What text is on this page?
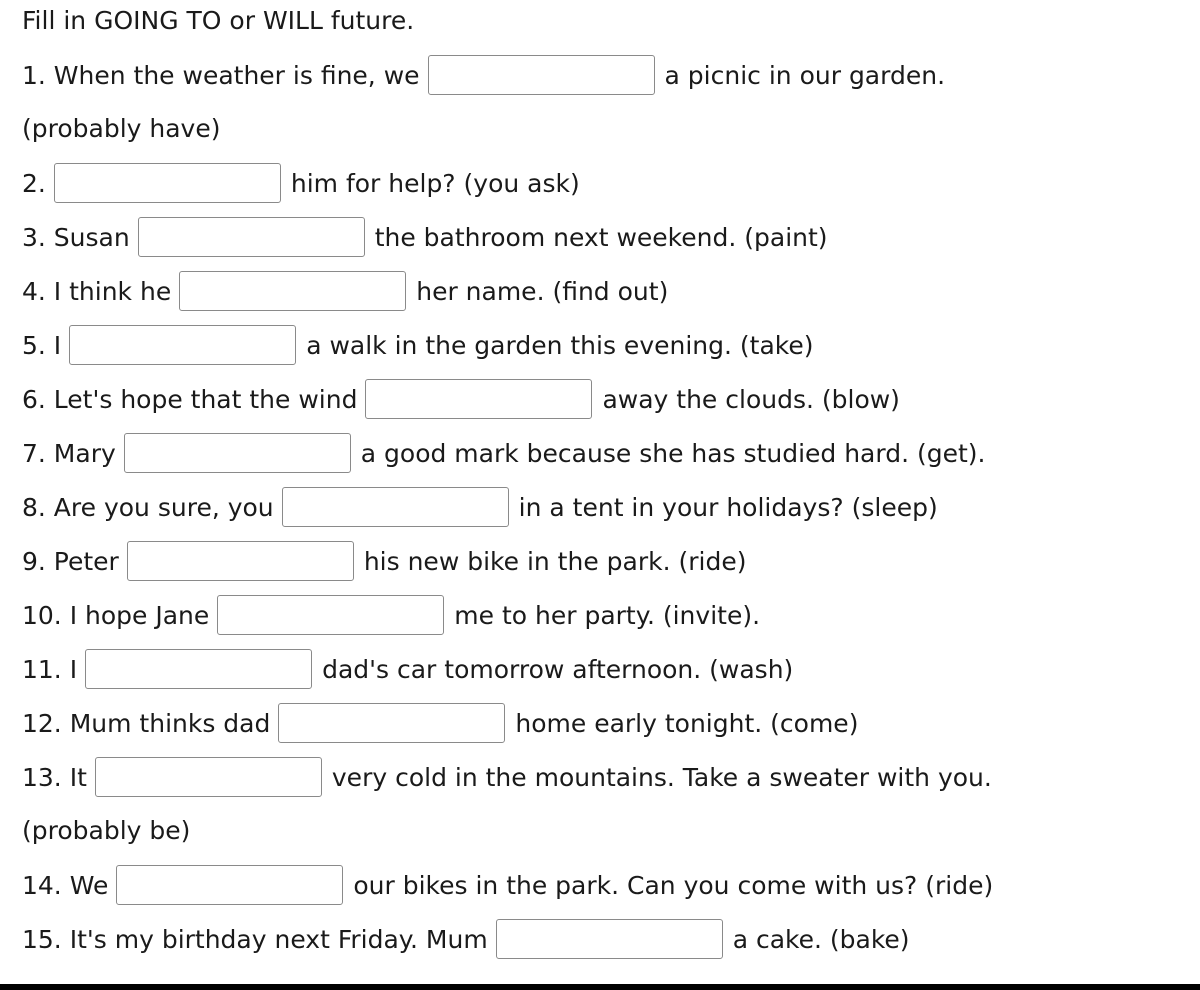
Fill in GOING TO or WILL future.
1. When the weather is fine, we	a picnic in our garden.
(probably have)
2.	him for help? (you ask)
3. Susan	the bathroom next weekend. (paint)
4. I think he	her name. (find out)
5. I	a walk in the garden this evening. (take)
6. Let's hope that the wind	away the clouds. (blow)
7. Mary	a good mark because she has studied hard. (get).
8. Are you sure, you	in a tent in your holidays? (sleep)
9. Peter	his new bike in the park. (ride)
10. I hope Jane	me to her party. (invite).
11. I	dad's car tomorrow afternoon. (wash)
12. Mum thinks dad	home early tonight. (come)
13. It	very cold in the mountains. Take a sweater with you.
(probably be)
14. We	our bikes in the park. Can you come with us? (ride)
15. It's my birthday next Friday. Mum	a cake. (bake)
